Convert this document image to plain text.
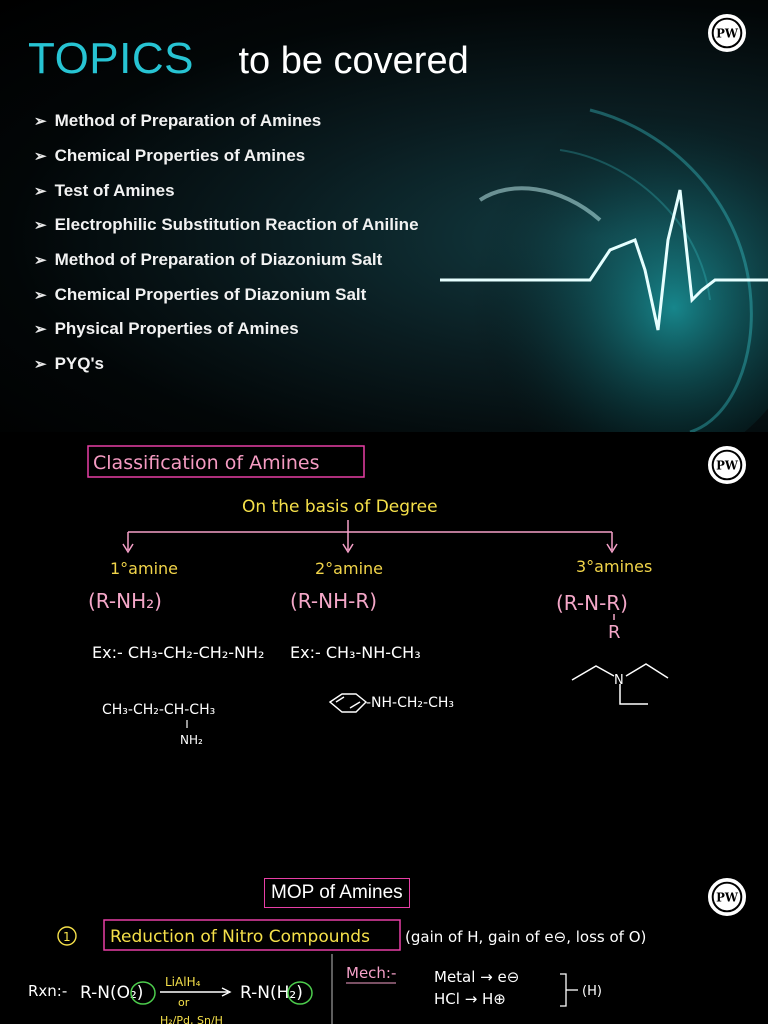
TOPICS to be covered
➢ Method of Preparation of Amines
➢ Chemical Properties of Amines
➢ Test of Amines
➢ Electrophilic Substitution Reaction of Aniline
➢ Method of Preparation of Diazonium Salt
➢ Chemical Properties of Diazonium Salt
➢ Physical Properties of Amines
➢ PYQ's
PW
Classification of Amines
On the basis of Degree
1°amine	2°amine	3°amines
(R-NH₂)	(R-NH-R)	(R-N-R)
R
Ex:- CH₃-CH₂-CH₂-NH₂
CH₃-CH₂-CH-CH₃
NH₂
Ex:- CH₃-NH-CH₃
-NH-CH₂-CH₃
N
PW
MOP of Amines
1 Reduction of Nitro Compounds (gain of H, gain of e⊖, loss of O)
Rxn:- R-N(O₂)
LiAlH₄
or
H₂/Pd, Sn/H
R-N(H₂)
Mech:-	Metal → e⊖
HCl → H⊕	(H)
PW
